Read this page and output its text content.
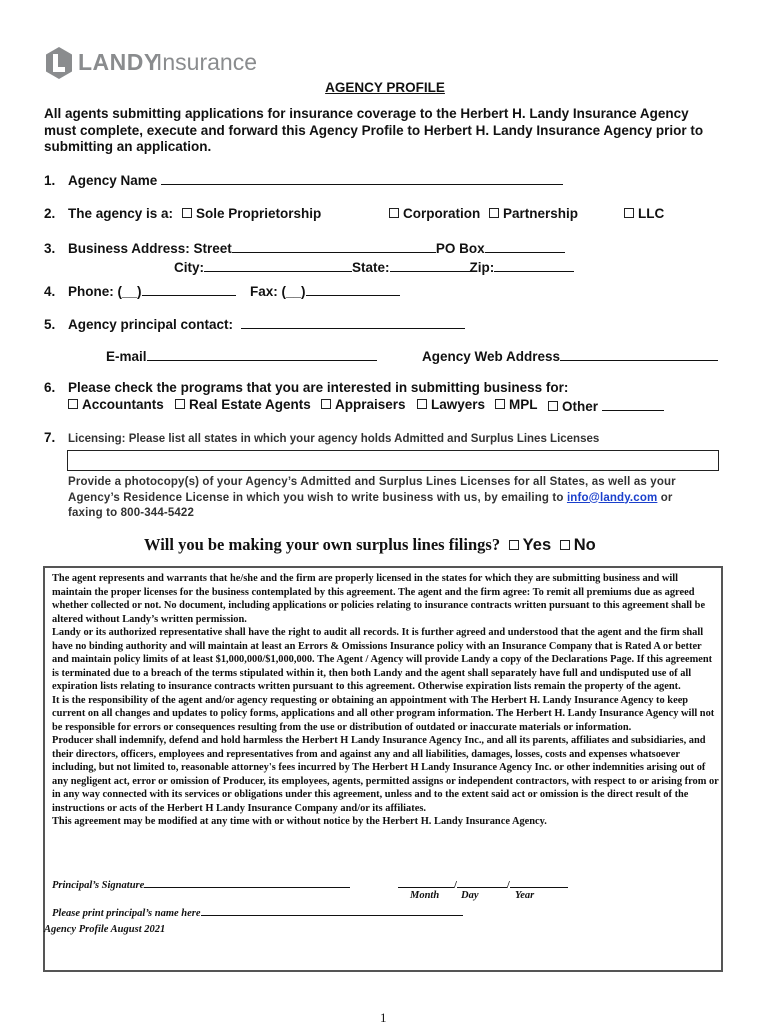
LANDY
Insurance
AGENCY PROFILE
All agents submitting applications for insurance coverage to the Herbert H. Landy Insurance Agency must complete, execute and forward this Agency Profile to Herbert H. Landy Insurance Agency prior to submitting an application.
1. Agency Name
2. The agency is a:	Sole Proprietorship	Corporation	Partnership	LLC
3. Business Address: Street	PO Box
City:	State:	Zip:
4. Phone: (__)	Fax: (__)
5. Agency principal contact:
E-mail	Agency Web Address
6. Please check the programs that you are interested in submitting business for:
Accountants	Real Estate Agents	Appraisers	Lawyers	MPL	Other
7. Licensing: Please list all states in which your agency holds Admitted and Surplus Lines Licenses
Provide a photocopy(s) of your Agency’s Admitted and Surplus Lines Licenses for all States, as well as your Agency’s Residence License in which you wish to write business with us, by emailing to info@landy.com or
faxing to 800-344-5422
Will you be making your own surplus lines filings? Yes No

The agent represents and warrants that he/she and the firm are properly licensed in the states for which they are submitting business and will maintain the proper licenses for the business contemplated by this agreement. The agent and the firm agree: To remit all premiums due as agreed whether collected or not. No document, including applications or policies relating to insurance contracts written pursuant to this agreement shall be altered without Landy’s written permission.

Landy or its authorized representative shall have the right to audit all records. It is further agreed and understood that the agent and the firm shall have no binding authority and will maintain at least an Errors & Omissions Insurance policy with an Insurance Company that is Rated A or better and maintain policy limits of at least $1,000,000/$1,000,000. The Agent / Agency will provide Landy a copy of the Declarations Page. If this agreement is terminated due to a breach of the terms stipulated within it, then both Landy and the agent shall separately have full and undisputed use of all expiration lists relating to insurance contracts written pursuant to this agreement. Otherwise expiration lists remain the property of the agent.

It is the responsibility of the agent and/or agency requesting or obtaining an appointment with The Herbert H. Landy Insurance Agency to keep current on all changes and updates to policy forms, applications and all other program information. The Herbert H. Landy Insurance Agency will not be responsible for errors or consequences resulting from the use or distribution of outdated or inaccurate materials or information.

Producer shall indemnify, defend and hold harmless the Herbert H Landy Insurance Agency Inc., and all its parents, affiliates and subsidiaries, and their directors, officers, employees and representatives from and against any and all liabilities, damages, losses, costs and expenses whatsoever including, but not limited to, reasonable attorney's fees incurred by The Herbert H Landy Insurance Agency Inc. or other indemnities arising out of any negligent act, error or omission of Producer, its employees, agents, permitted assigns or independent contractors, with respect to or arising from or in any way connected with its services or obligations under this agreement, unless and to the extent said act or omission is the direct result of the instructions or acts of the Herbert H Landy Insurance Company and/or its affiliates.

This agreement may be modified at any time with or without notice by the Herbert H. Landy Insurance Agency.

Principal’s Signature	/	/
Month Day	Year
Please print principal’s name here
Agency Profile August 2021
1
